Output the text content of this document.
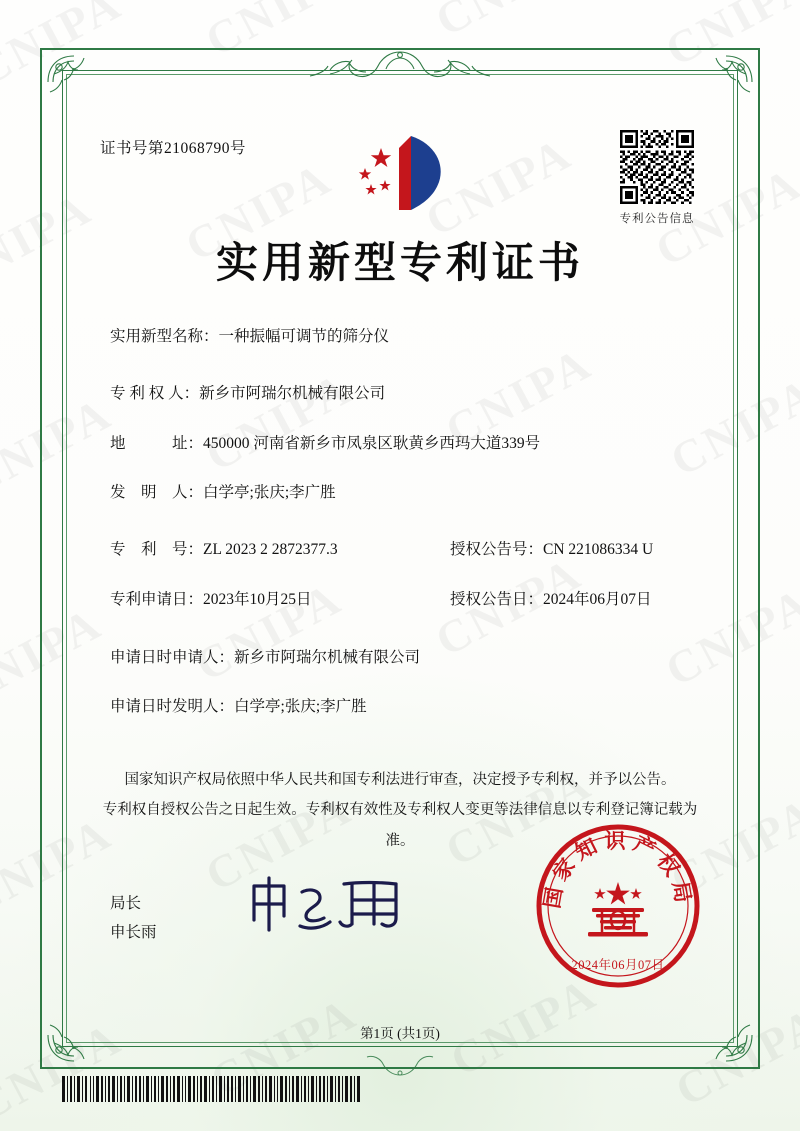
证书号第21068790号
专利公告信息
实用新型专利证书
实用新型名称：一种振幅可调节的筛分仪
专 利 权 人：新乡市阿瑞尔机械有限公司
地　　　址：450000 河南省新乡市凤泉区耿黄乡西玛大道339号
发　明　人：白学亭;张庆;李广胜
专　利　号：ZL 2023 2 2872377.3	授权公告号：CN 221086334 U
专利申请日：2023年10月25日	授权公告日：2024年06月07日
申请日时申请人：新乡市阿瑞尔机械有限公司
申请日时发明人：白学亭;张庆;李广胜

国家知识产权局依照中华人民共和国专利法进行审查，决定授予专利权，并予以公告。

专利权自授权公告之日起生效。专利权有效性及专利权人变更等法律信息以专利登记簿记载为准。

局长
申长雨
国家知识产权局
2024年06月07日
第1页 (共1页)
